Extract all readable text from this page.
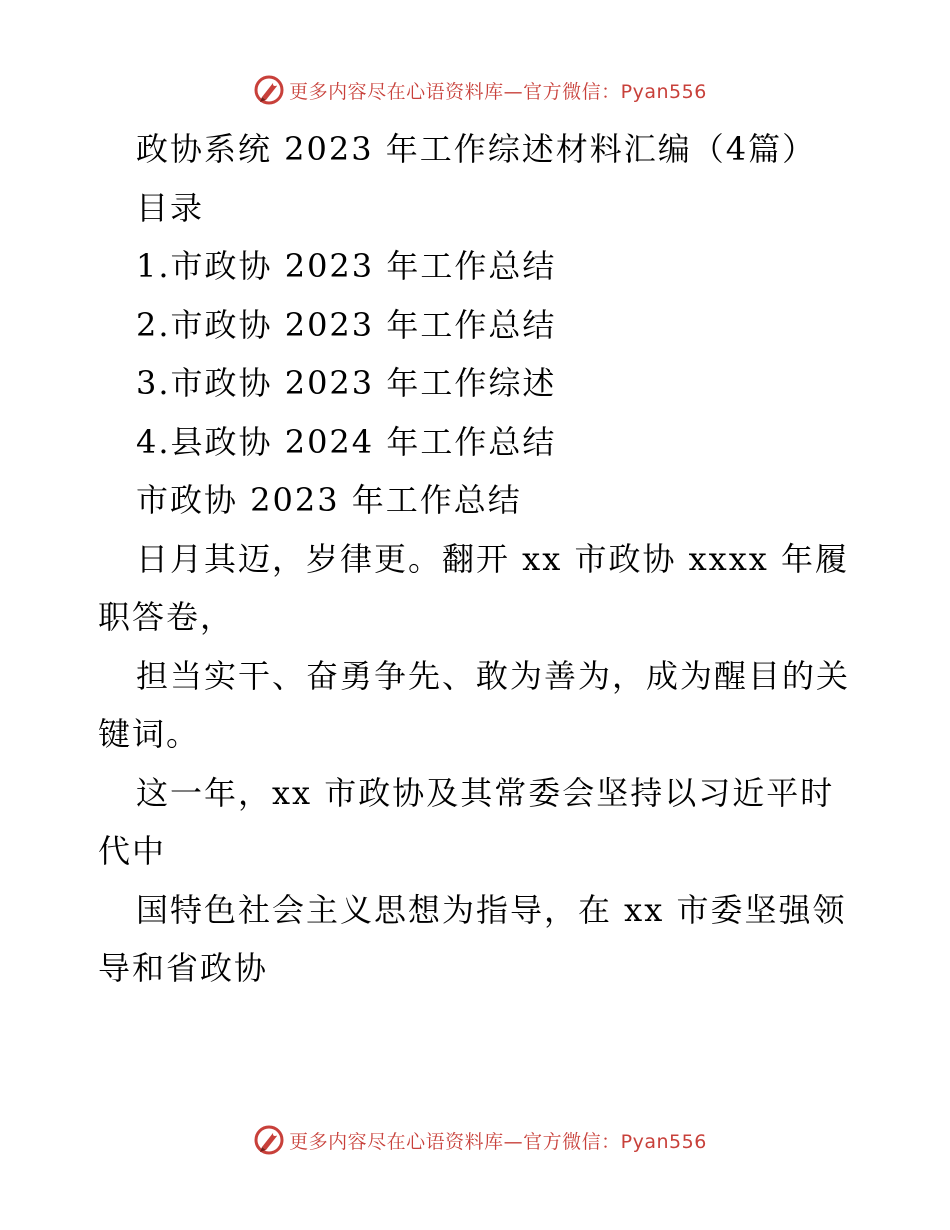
更多内容尽在心语资料库—官方微信：Pyan556

政协系统 2023 年工作综述材料汇编（4篇）

目录

1.市政协 2023 年工作总结

2.市政协 2023 年工作总结

3.市政协 2023 年工作综述

4.县政协 2024 年工作总结

市政协 2023 年工作总结

日月其迈，岁律更。翻开 xx 市政协 xxxx 年履职答卷，

担当实干、奋勇争先、敢为善为，成为醒目的关键词。

这一年，xx 市政协及其常委会坚持以习近平时代中

国特色社会主义思想为指导，在 xx 市委坚强领导和省政协

更多内容尽在心语资料库—官方微信：Pyan556
